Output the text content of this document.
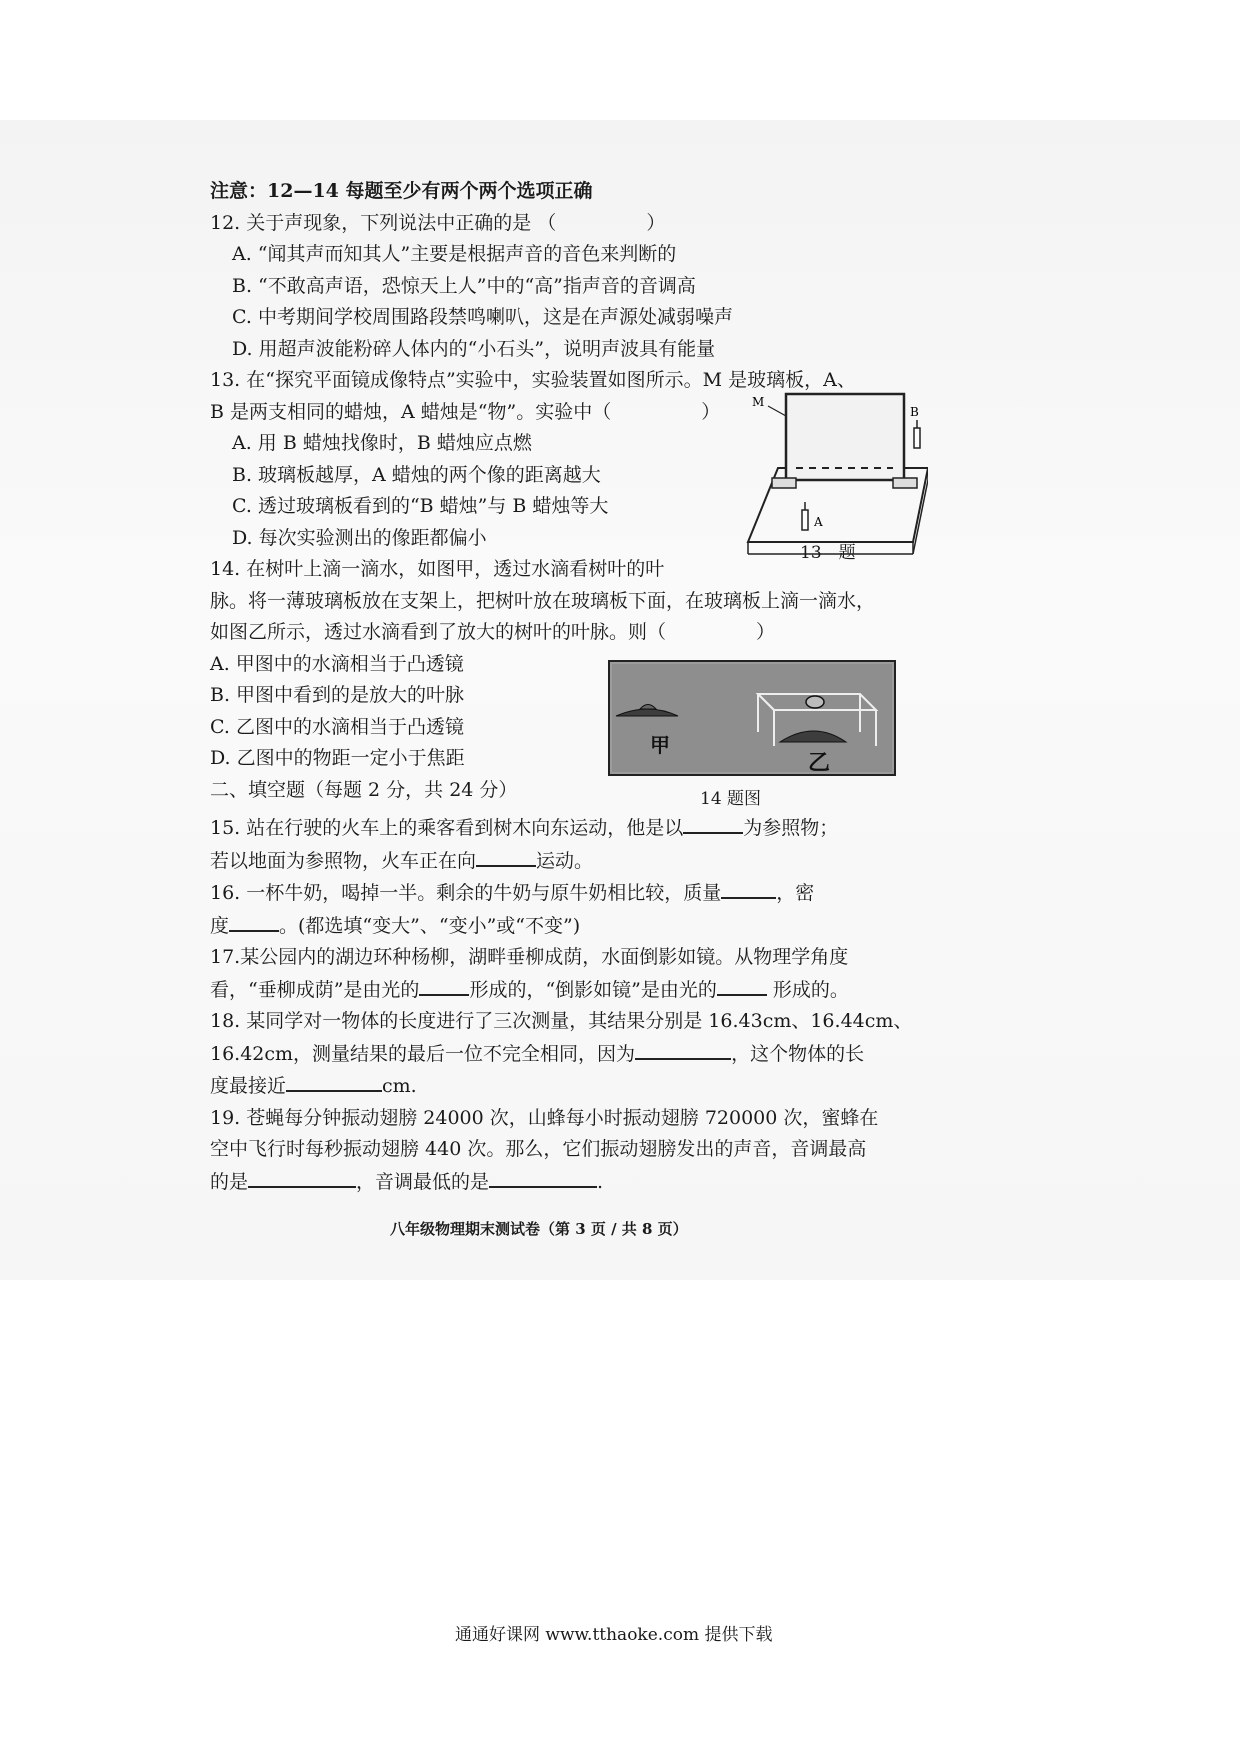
注意：12—14 每题至少有两个两个选项正确
12. 关于声现象，下列说法中正确的是 （	）
A. “闻其声而知其人”主要是根据声音的音色来判断的
B. “不敢高声语，恐惊天上人”中的“高”指声音的音调高
C. 中考期间学校周围路段禁鸣喇叭，这是在声源处减弱噪声
D. 用超声波能粉碎人体内的“小石头”，说明声波具有能量
13. 在“探究平面镜成像特点”实验中，实验装置如图所示。M 是玻璃板，A、
B 是两支相同的蜡烛，A 蜡烛是“物”。实验中（	）
A. 用 B 蜡烛找像时，B 蜡烛应点燃
B. 玻璃板越厚，A 蜡烛的两个像的距离越大
C. 透过玻璃板看到的“B 蜡烛”与 B 蜡烛等大
D. 每次实验测出的像距都偏小
14. 在树叶上滴一滴水，如图甲，透过水滴看树叶的叶
脉。将一薄玻璃板放在支架上，把树叶放在玻璃板下面，在玻璃板上滴一滴水，
如图乙所示，透过水滴看到了放大的树叶的叶脉。则（	）
A. 甲图中的水滴相当于凸透镜
B. 甲图中看到的是放大的叶脉
C. 乙图中的水滴相当于凸透镜
D. 乙图中的物距一定小于焦距
二、填空题（每题 2 分，共 24 分）
15. 站在行驶的火车上的乘客看到树木向东运动，他是以	为参照物；
若以地面为参照物，火车正在向	运动。
16. 一杯牛奶，喝掉一半。剩余的牛奶与原牛奶相比较，质量	，密
度	。(都选填“变大”、“变小”或“不变”)
17.某公园内的湖边环种杨柳，湖畔垂柳成荫，水面倒影如镜。从物理学角度
看，“垂柳成荫”是由光的	形成的，“倒影如镜”是由光的	形成的。
18. 某同学对一物体的长度进行了三次测量，其结果分别是 16.43cm、16.44cm、
16.42cm，测量结果的最后一位不完全相同，因为	，这个物体的长
度最接近	cm.
19. 苍蝇每分钟振动翅膀 24000 次，山蜂每小时振动翅膀 720000 次，蜜蜂在
空中飞行时每秒振动翅膀 440 次。那么，它们振动翅膀发出的声音，音调最高
的是	，音调最低的是	.
M
A
B
13　题
甲
乙
14 题图
八年级物理期末测试卷（第 3 页 / 共 8 页）
通通好课网 www.tthaoke.com 提供下载
